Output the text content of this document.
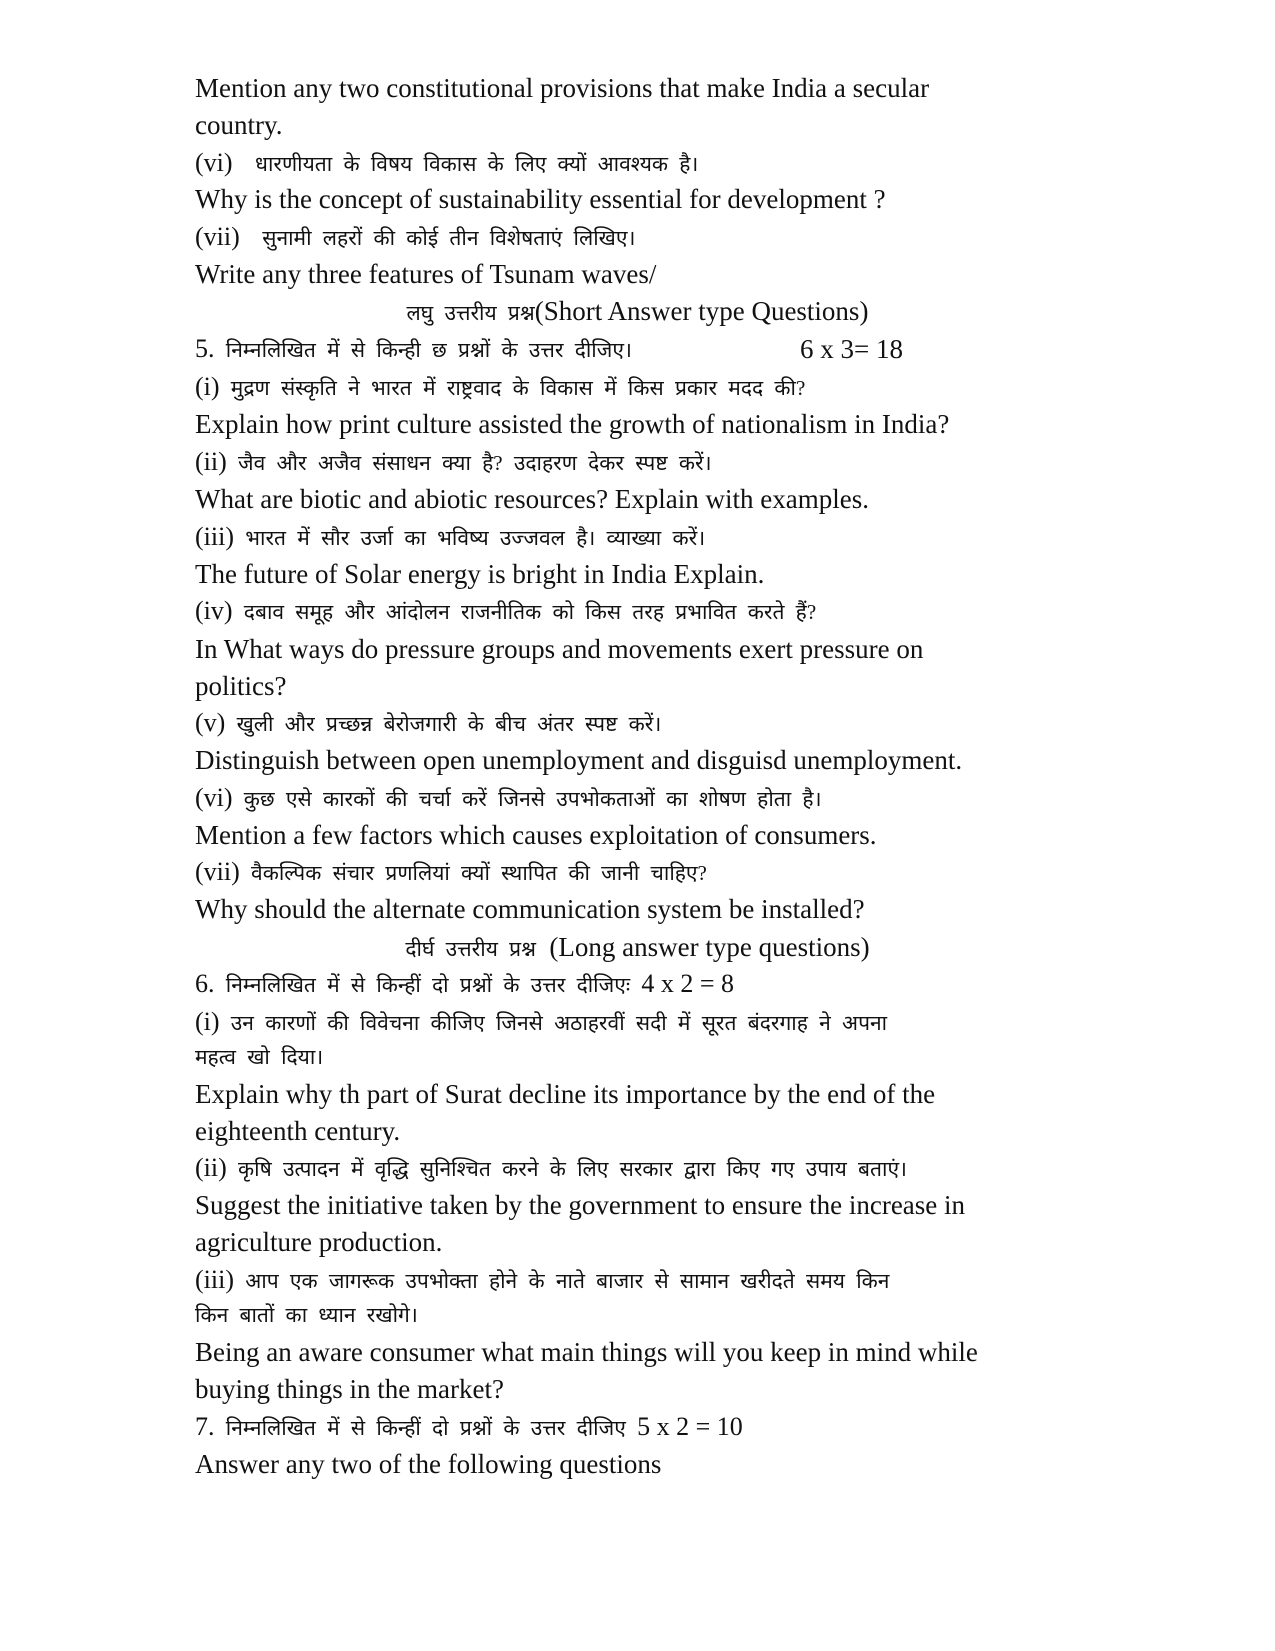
Mention any two constitutional provisions that make India a secular

country.

(vi) धारणीयता के विषय विकास के लिए क्यों आवश्यक है।

Why is the concept of sustainability essential for development ?

(vii) सुनामी लहरों की कोई तीन विशेषताएं लिखिए।

Write any three features of Tsunam waves/

लघु उत्तरीय प्रश्न(Short Answer type Questions)

5. निम्नलिखित में से किन्ही छ प्रश्नों के उत्तर दीजिए।	6 x 3= 18

(i) मुद्रण संस्कृति ने भारत में राष्ट्रवाद के विकास में किस प्रकार मदद की?

Explain how print culture assisted the growth of nationalism in India?

(ii) जैव और अजैव संसाधन क्या है? उदाहरण देकर स्पष्ट करें।

What are biotic and abiotic resources? Explain with examples.

(iii) भारत में सौर उर्जा का भविष्य उज्जवल है। व्याख्या करें।

The future of Solar energy is bright in India Explain.

(iv) दबाव समूह और आंदोलन राजनीतिक को किस तरह प्रभावित करते हैं?

In What ways do pressure groups and movements exert pressure on

politics?

(v) खुली और प्रच्छन्न बेरोजगारी के बीच अंतर स्पष्ट करें।

Distinguish between open unemployment and disguisd unemployment.

(vi) कुछ एसे कारकों की चर्चा करें जिनसे उपभोकताओं का शोषण होता है।

Mention a few factors which causes exploitation of consumers.

(vii) वैकल्पिक संचार प्रणलियां क्यों स्थापित की जानी चाहिए?

Why should the alternate communication system be installed?

दीर्घ उत्तरीय प्रश्न (Long answer type questions)

6. निम्नलिखित में से किन्हीं दो प्रश्नों के उत्तर दीजिएः 4 x 2 = 8

(i) उन कारणों की विवेचना कीजिए जिनसे अठाहरवीं सदी में सूरत बंदरगाह ने अपना

महत्व खो दिया।

Explain why th part of Surat decline its importance by the end of the

eighteenth century.

(ii) कृषि उत्पादन में वृद्धि सुनिश्चित करने के लिए सरकार द्वारा किए गए उपाय बताएं।

Suggest the initiative taken by the government to ensure the increase in

agriculture production.

(iii) आप एक जागरूक उपभोक्ता होने के नाते बाजार से सामान खरीदते समय किन

किन बातों का ध्यान रखोगे।

Being an aware consumer what main things will you keep in mind while

buying things in the market?

7. निम्नलिखित में से किन्हीं दो प्रश्नों के उत्तर दीजिए 5 x 2 = 10

Answer any two of the following questions
